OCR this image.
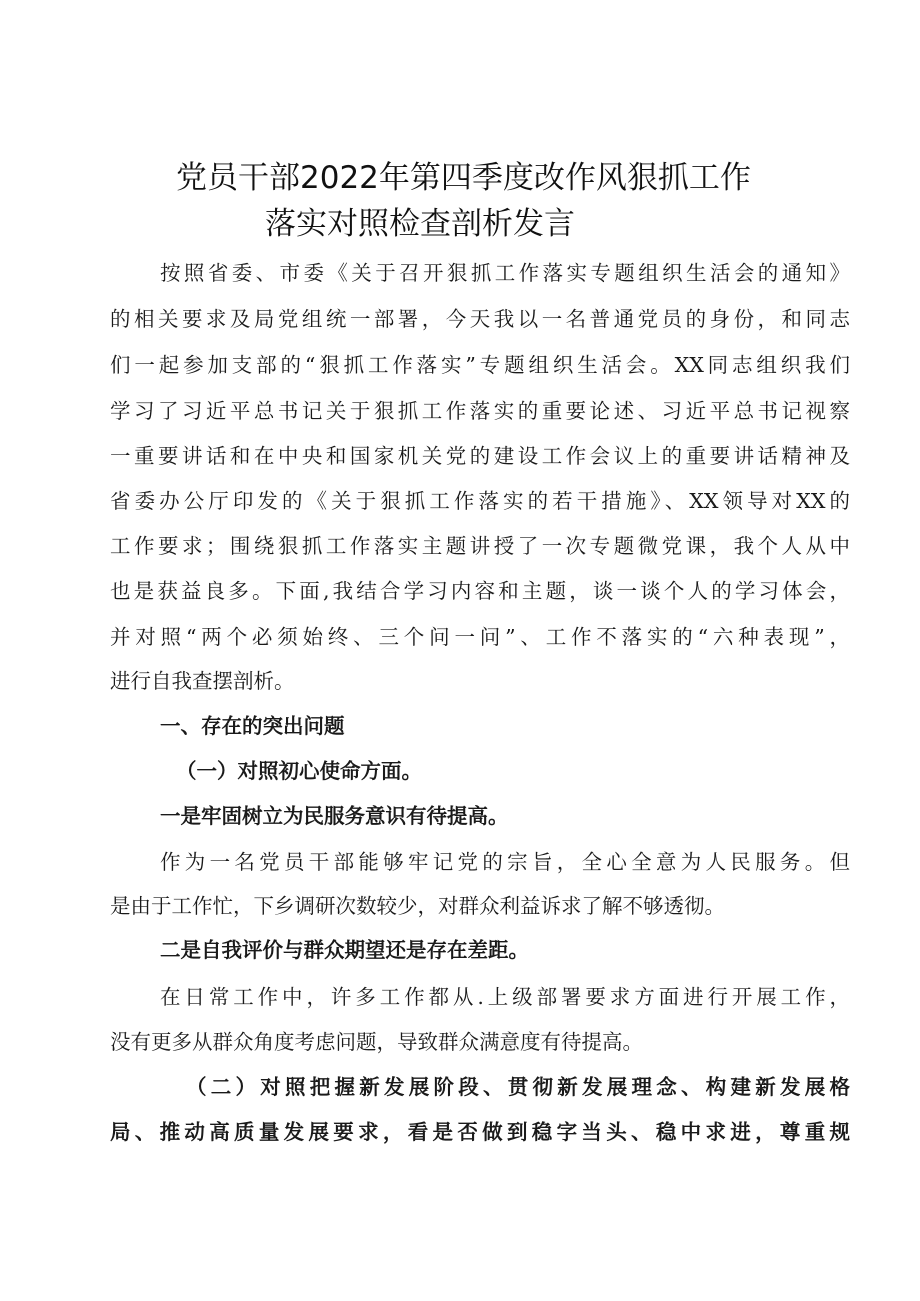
党员干部2022年第四季度改作风狠抓工作
落实对照检查剖析发言
按照省委、市委《关于召开狠抓工作落实专题组织生活会的通知》
的相关要求及局党组统一部署，今天我以一名普通党员的身份，和同志
们一起参加支部的“狠抓工作落实”专题组织生活会。XX同志组织我们
学习了习近平总书记关于狠抓工作落实的重要论述、习近平总书记视察
一重要讲话和在中央和国家机关党的建设工作会议上的重要讲话精神及
省委办公厅印发的《关于狠抓工作落实的若干措施》、XX领导对XX的
工作要求；围绕狠抓工作落实主题讲授了一次专题微党课，我个人从中
也是获益良多。下面,我结合学习内容和主题，谈一谈个人的学习体会，
并对照“两个必须始终、三个问一问”、工作不落实的“六种表现”，
进行自我查摆剖析。
一、存在的突出问题
（一）对照初心使命方面。
一是牢固树立为民服务意识有待提高。
作为一名党员干部能够牢记党的宗旨，全心全意为人民服务。但
是由于工作忙，下乡调研次数较少，对群众利益诉求了解不够透彻。
二是自我评价与群众期望还是存在差距。
在日常工作中，许多工作都从.上级部署要求方面进行开展工作，
没有更多从群众角度考虑问题，导致群众满意度有待提高。
（二）对照把握新发展阶段、贯彻新发展理念、构建新发展格
局、推动高质量发展要求，看是否做到稳字当头、稳中求进，尊重规
